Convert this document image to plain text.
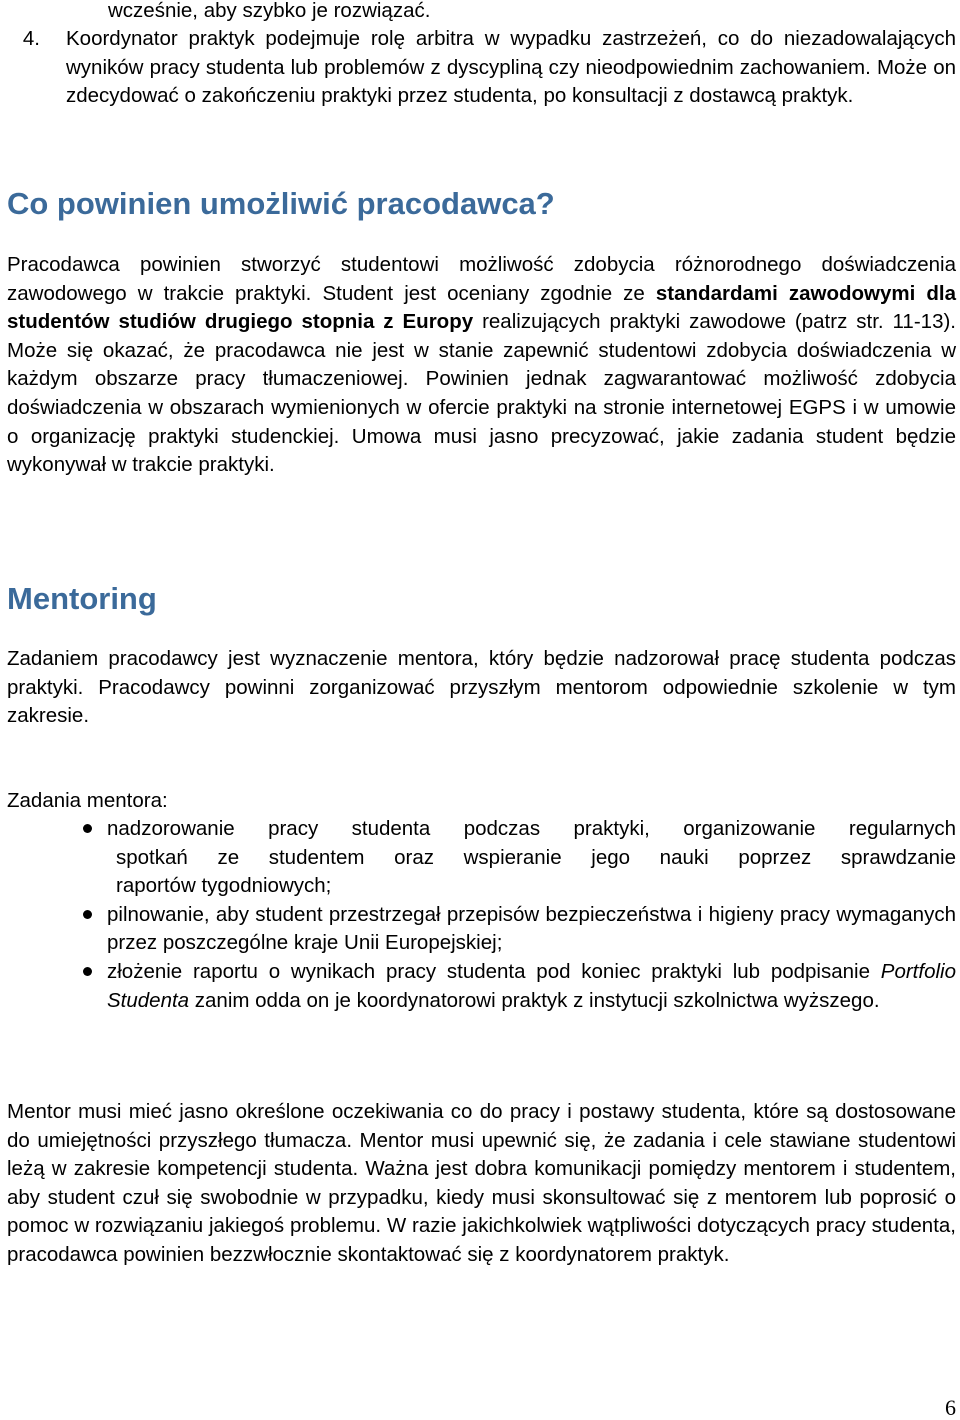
wcześnie, aby szybko je rozwiązać.

4. Koordynator praktyk podejmuje rolę arbitra w wypadku zastrzeżeń, co do niezadowalających wyników pracy studenta lub problemów z dyscypliną czy nieodpowiednim zachowaniem. Może on zdecydować o zakończeniu praktyki przez studenta, po konsultacji z dostawcą praktyk.

Co powinien umożliwić pracodawca?

Pracodawca powinien stworzyć studentowi możliwość zdobycia różnorodnego doświadczenia zawodowego w trakcie praktyki. Student jest oceniany zgodnie ze standardami zawodowymi dla studentów studiów drugiego stopnia z Europy realizujących praktyki zawodowe (patrz str. 11-13). Może się okazać, że pracodawca nie jest w stanie zapewnić studentowi zdobycia doświadczenia w każdym obszarze pracy tłumaczeniowej. Powinien jednak zagwarantować możliwość zdobycia doświadczenia w obszarach wymienionych w ofercie praktyki na stronie internetowej EGPS i w umowie o organizację praktyki studenckiej. Umowa musi jasno precyzować, jakie zadania student będzie wykonywał w trakcie praktyki.

Mentoring

Zadaniem pracodawcy jest wyznaczenie mentora, który będzie nadzorował pracę studenta podczas praktyki. Pracodawcy powinni zorganizować przyszłym mentorom odpowiednie szkolenie w tym zakresie.

Zadania mentora:

nadzorowanie pracy studenta podczas praktyki, organizowanie regularnych
spotkań ze studentem oraz wspieranie jego nauki poprzez sprawdzanie
raportów tygodniowych;
pilnowanie, aby student przestrzegał przepisów bezpieczeństwa i higieny pracy wymaganych przez poszczególne kraje Unii Europejskiej;
złożenie raportu o wynikach pracy studenta pod koniec praktyki lub podpisanie Portfolio Studenta zanim odda on je koordynatorowi praktyk z instytucji szkolnictwa wyższego.

Mentor musi mieć jasno określone oczekiwania co do pracy i postawy studenta, które są dostosowane do umiejętności przyszłego tłumacza. Mentor musi upewnić się, że zadania i cele stawiane studentowi leżą w zakresie kompetencji studenta. Ważna jest dobra komunikacji pomiędzy mentorem i studentem, aby student czuł się swobodnie w przypadku, kiedy musi skonsultować się z mentorem lub poprosić o pomoc w rozwiązaniu jakiegoś problemu. W razie jakichkolwiek wątpliwości dotyczących pracy studenta, pracodawca powinien bezzwłocznie skontaktować się z koordynatorem praktyk.

6
